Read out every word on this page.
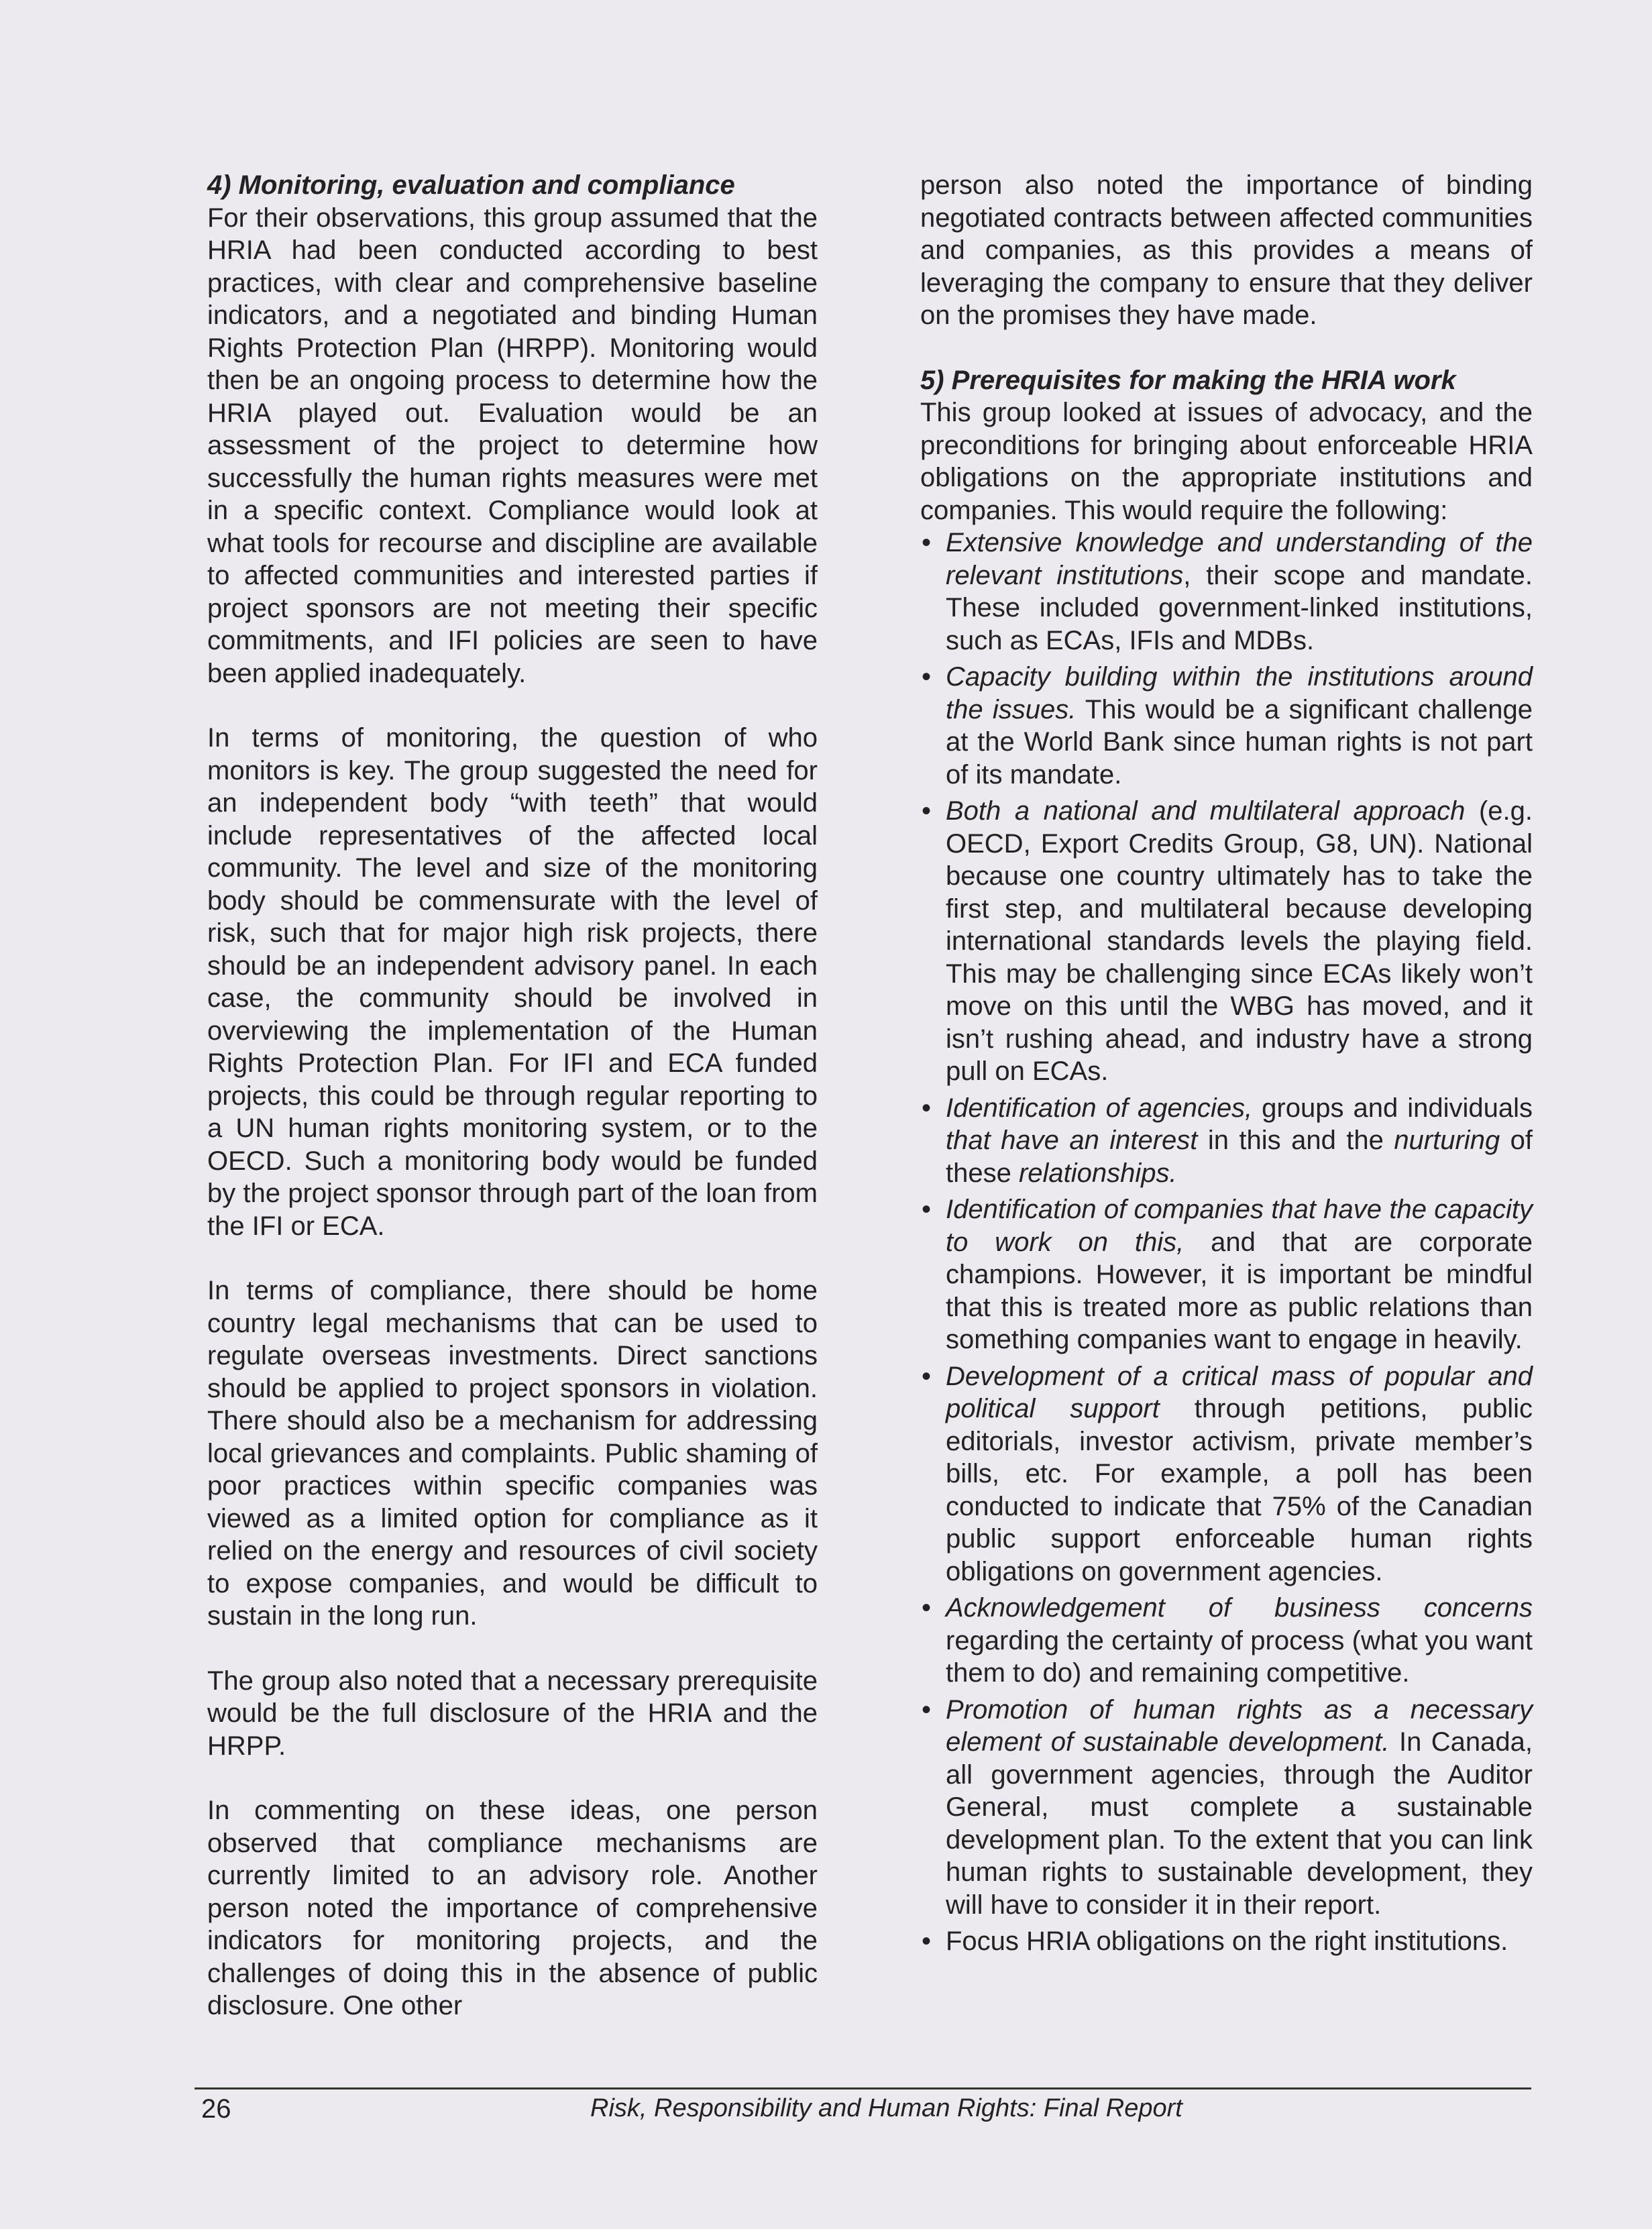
4) Monitoring, evaluation and compliance

For their observations, this group assumed that the HRIA had been conducted according to best practices, with clear and comprehensive baseline indicators, and a negotiated and binding Human Rights Protection Plan (HRPP). Monitoring would then be an ongoing process to determine how the HRIA played out. Evaluation would be an assessment of the project to determine how successfully the human rights measures were met in a specific context. Compliance would look at what tools for recourse and discipline are available to affected communities and interested parties if project sponsors are not meeting their specific commitments, and IFI policies are seen to have been applied inadequately.

In terms of monitoring, the question of who monitors is key. The group suggested the need for an independent body “with teeth” that would include representatives of the affected local community. The level and size of the monitoring body should be commensurate with the level of risk, such that for major high risk projects, there should be an independent advisory panel. In each case, the community should be involved in overviewing the implementation of the Human Rights Protection Plan. For IFI and ECA funded projects, this could be through regular reporting to a UN human rights monitoring system, or to the OECD. Such a monitoring body would be funded by the project sponsor through part of the loan from the IFI or ECA.

In terms of compliance, there should be home country legal mechanisms that can be used to regulate overseas investments. Direct sanctions should be applied to project sponsors in violation. There should also be a mechanism for addressing local grievances and complaints. Public shaming of poor practices within specific companies was viewed as a limited option for compliance as it relied on the energy and resources of civil society to expose companies, and would be difficult to sustain in the long run.

The group also noted that a necessary prerequisite would be the full disclosure of the HRIA and the HRPP.

In commenting on these ideas, one person observed that compliance mechanisms are currently limited to an advisory role. Another person noted the importance of comprehensive indicators for monitoring projects, and the challenges of doing this in the absence of public disclosure. One other

person also noted the importance of binding negotiated contracts between affected communities and companies, as this provides a means of leveraging the company to ensure that they deliver on the promises they have made.

5) Prerequisites for making the HRIA work

This group looked at issues of advocacy, and the preconditions for bringing about enforceable HRIA obligations on the appropriate institutions and companies. This would require the following:

• Extensive knowledge and understanding of the relevant institutions, their scope and mandate. These included government-linked institutions, such as ECAs, IFIs and MDBs.
• Capacity building within the institutions around the issues. This would be a significant challenge at the World Bank since human rights is not part of its mandate.
• Both a national and multilateral approach (e.g. OECD, Export Credits Group, G8, UN). National because one country ultimately has to take the first step, and multilateral because developing international standards levels the playing field. This may be challenging since ECAs likely won’t move on this until the WBG has moved, and it isn’t rushing ahead, and industry have a strong pull on ECAs.
• Identification of agencies, groups and individuals that have an interest in this and the nurturing of these relationships.
• Identification of companies that have the capacity to work on this, and that are corporate champions. However, it is important be mindful that this is treated more as public relations than something companies want to engage in heavily.
• Development of a critical mass of popular and political support through petitions, public editorials, investor activism, private member’s bills, etc. For example, a poll has been conducted to indicate that 75% of the Canadian public support enforceable human rights obligations on government agencies.
• Acknowledgement of business concerns regarding the certainty of process (what you want them to do) and remaining competitive.
• Promotion of human rights as a necessary element of sustainable development. In Canada, all government agencies, through the Auditor General, must complete a sustainable development plan. To the extent that you can link human rights to sustainable development, they will have to consider it in their report.
• Focus HRIA obligations on the right institutions.
26	Risk, Responsibility and Human Rights: Final Report
